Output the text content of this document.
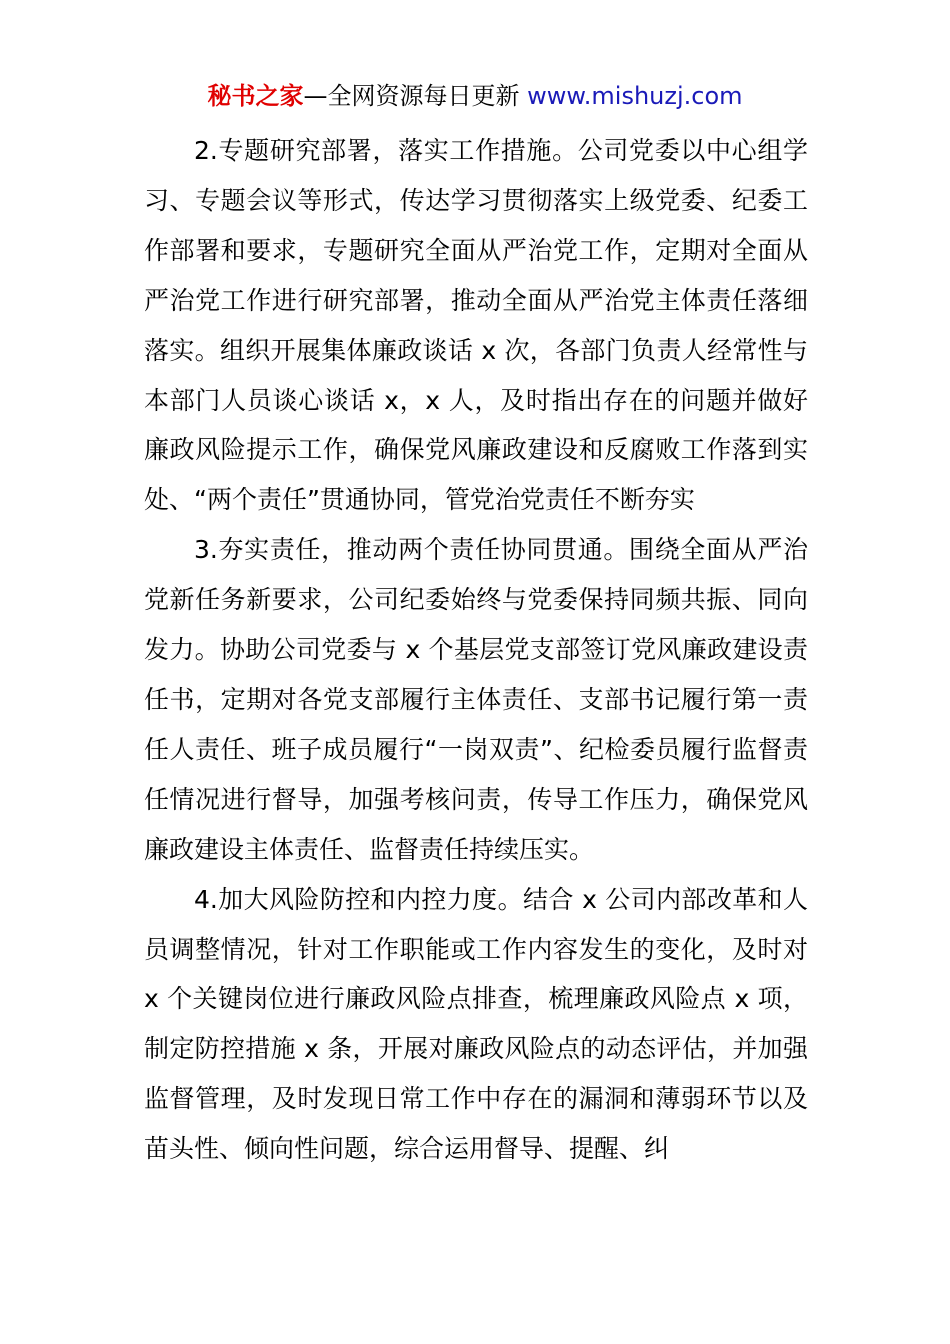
秘书之家—全网资源每日更新 www.mishuzj.com

2.专题研究部署，落实工作措施。公司党委以中心组学习、专题会议等形式，传达学习贯彻落实上级党委、纪委工作部署和要求，专题研究全面从严治党工作，定期对全面从严治党工作进行研究部署，推动全面从严治党主体责任落细落实。组织开展集体廉政谈话 x 次，各部门负责人经常性与本部门人员谈心谈话 x，x 人，及时指出存在的问题并做好廉政风险提示工作，确保党风廉政建设和反腐败工作落到实处、“两个责任”贯通协同，管党治党责任不断夯实

3.夯实责任，推动两个责任协同贯通。围绕全面从严治党新任务新要求，公司纪委始终与党委保持同频共振、同向发力。协助公司党委与 x 个基层党支部签订党风廉政建设责任书，定期对各党支部履行主体责任、支部书记履行第一责任人责任、班子成员履行“一岗双责”、纪检委员履行监督责任情况进行督导，加强考核问责，传导工作压力，确保党风廉政建设主体责任、监督责任持续压实。

4.加大风险防控和内控力度。结合 x 公司内部改革和人员调整情况，针对工作职能或工作内容发生的变化，及时对 x 个关键岗位进行廉政风险点排查，梳理廉政风险点 x 项，制定防控措施 x 条，开展对廉政风险点的动态评估，并加强监督管理，及时发现日常工作中存在的漏洞和薄弱环节以及苗头性、倾向性问题，综合运用督导、提醒、纠
